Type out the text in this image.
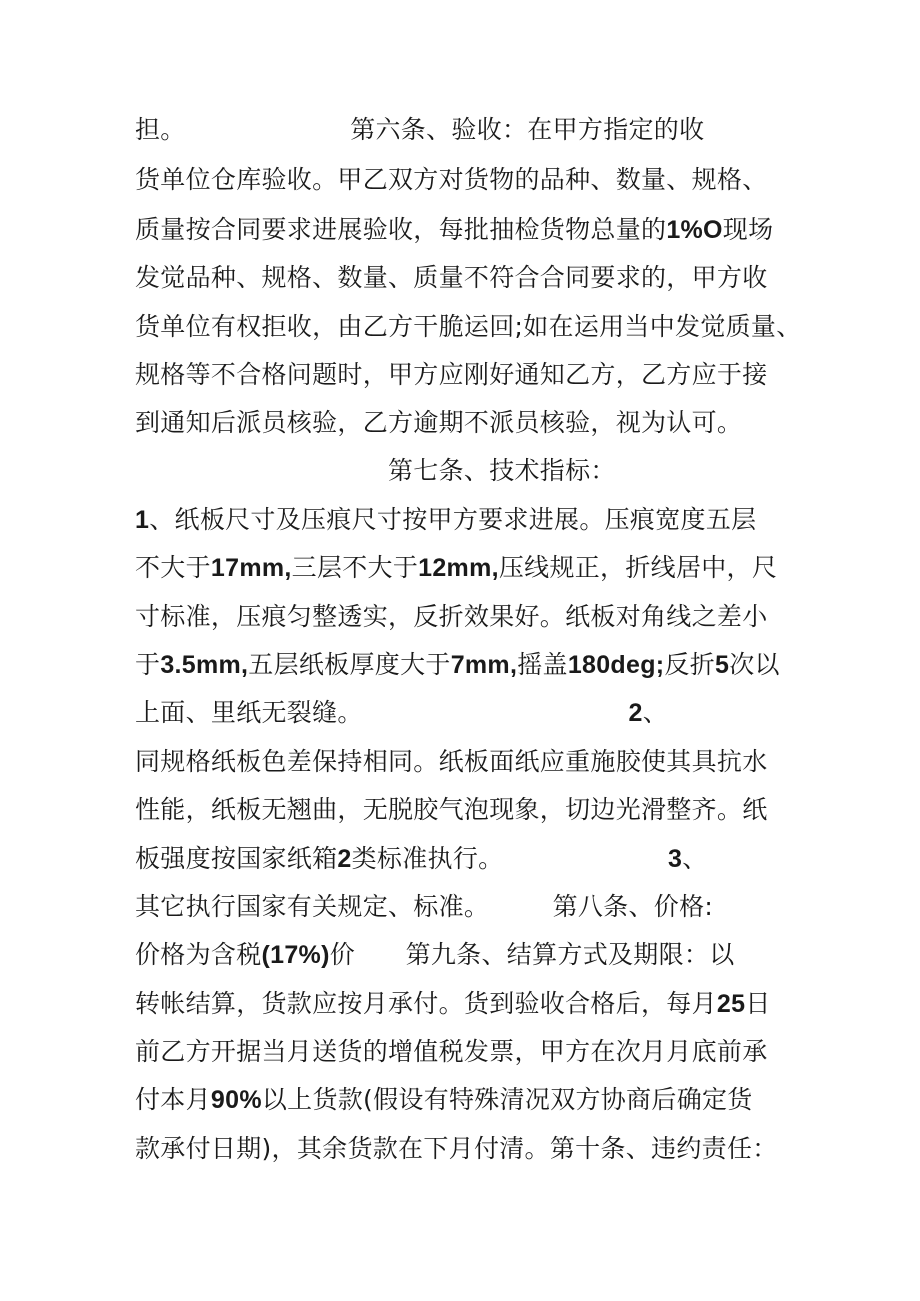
担。　　　　　　　第六条、验收：在甲方指定的收
货单位仓库验收。甲乙双方对货物的品种、数量、规格、
质量按合同要求进展验收，每批抽检货物总量的1%O现场
发觉品种、规格、数量、质量不符合合同要求的，甲方收
货单位有权拒收，由乙方干脆运回;如在运用当中发觉质量、
规格等不合格问题时，甲方应刚好通知乙方，乙方应于接
到通知后派员核验，乙方逾期不派员核验，视为认可。
　　　　　　　　　　第七条、技术指标：
1、纸板尺寸及压痕尺寸按甲方要求进展。压痕宽度五层
不大于17mm,三层不大于12mm,压线规正，折线居中，尺
寸标准，压痕匀整透实，反折效果好。纸板对角线之差小
于3.5mm,五层纸板厚度大于7mm,摇盖180deg;反折5次以
上面、里纸无裂缝。　　　　　　　　　　　2、
同规格纸板色差保持相同。纸板面纸应重施胶使其具抗水
性能，纸板无翘曲，无脱胶气泡现象，切边光滑整齐。纸
板强度按国家纸箱2类标准执行。　　　　　　　3、
其它执行国家有关规定、标准。　　　第八条、价格:
价格为含税(17%)价　　第九条、结算方式及期限：以
转帐结算，货款应按月承付。货到验收合格后，每月25日
前乙方开据当月送货的增值税发票，甲方在次月月底前承
付本月90%以上货款(假设有特殊清况双方协商后确定货
款承付日期)，其余货款在下月付清。第十条、违约责任：
